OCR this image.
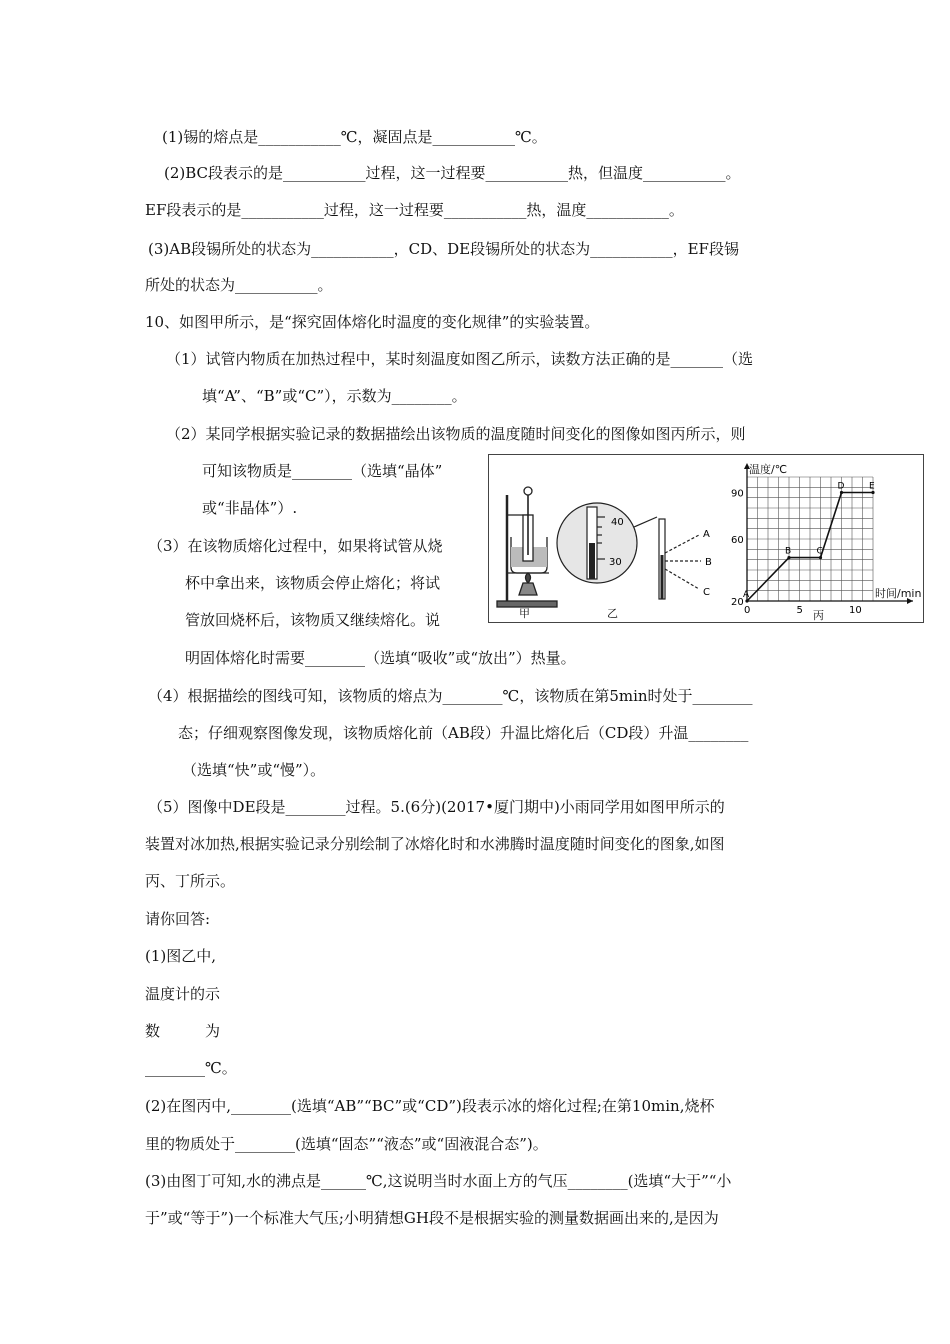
(1)锡的熔点是___________℃，凝固点是___________℃。
(2)BC段表示的是___________过程，这一过程要___________热，但温度___________。
EF段表示的是___________过程，这一过程要___________热，温度___________。
(3)AB段锡所处的状态为___________，CD、DE段锡所处的状态为___________，EF段锡
所处的状态为___________。
10、如图甲所示，是“探究固体熔化时温度的变化规律”的实验装置。
（1）试管内物质在加热过程中，某时刻温度如图乙所示，读数方法正确的是_______（选
填“A”、“B”或“C”），示数为________。
（2）某同学根据实验记录的数据描绘出该物质的温度随时间变化的图像如图丙所示，则
可知该物质是________（选填“晶体”
或“非晶体”）.
（3）在该物质熔化过程中，如果将试管从烧
杯中拿出来，该物质会停止熔化；将试
管放回烧杯后，该物质又继续熔化。说
明固体熔化时需要________（选填“吸收”或“放出”）热量。
（4）根据描绘的图线可知，该物质的熔点为________℃，该物质在第5min时处于________
态；仔细观察图像发现，该物质熔化前（AB段）升温比熔化后（CD段）升温________
（选填“快”或“慢”）。
（5）图像中DE段是________过程。5.(6分)(2017•厦门期中)小雨同学用如图甲所示的
装置对冰加热,根据实验记录分别绘制了冰熔化时和水沸腾时温度随时间变化的图象,如图
丙、丁所示。
请你回答:
(1)图乙中,
温度计的示
数　　　为
________℃。
(2)在图丙中,________(选填“AB”“BC”或“CD”)段表示冰的熔化过程;在第10min,烧杯
里的物质处于________(选填“固态”“液态”或“固液混合态”)。
(3)由图丁可知,水的沸点是______℃,这说明当时水面上方的气压________(选填“大于”“小
于”或“等于”)一个标准大气压;小明猜想GH段不是根据实验的测量数据画出来的,是因为
40
30
A
B
C
0	5	10
20
60
90
A
B	C
D	E
甲	乙	丙
温度/℃
时间/min
